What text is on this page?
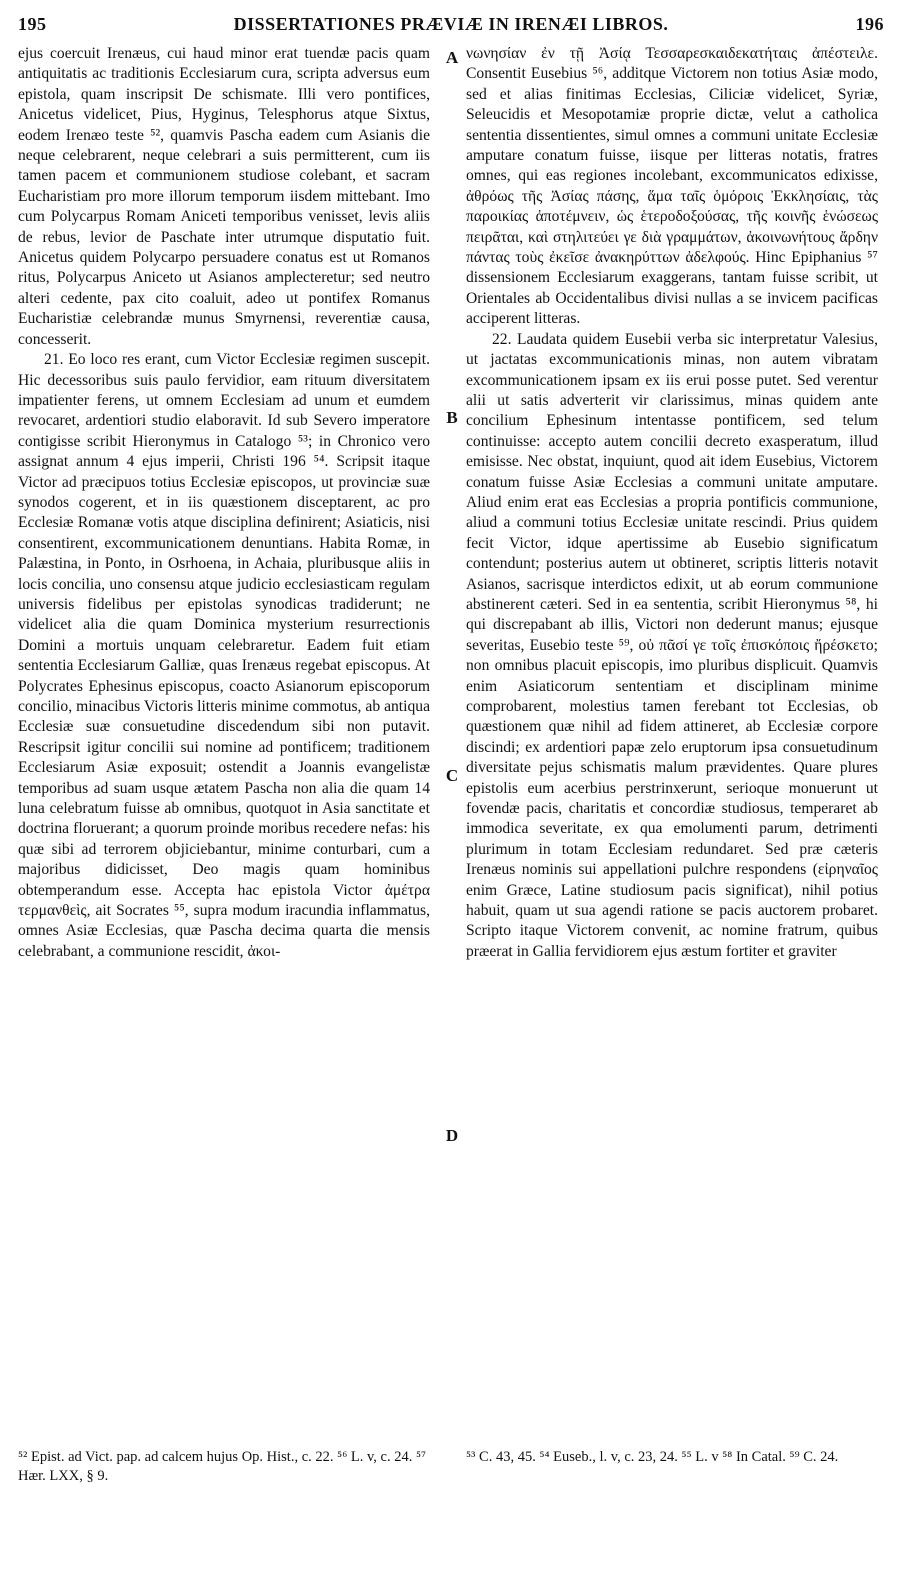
195	DISSERTATIONES PRÆVIÆ IN IRENÆI LIBROS.	196

ejus coercuit Irenæus, cui haud minor erat tuendæ pacis quam antiquitatis ac traditionis Ecclesiarum cura, scripta adversus eum epistola, quam inscripsit De schismate. Illi vero pontifices, Anicetus videlicet, Pius, Hyginus, Telesphorus atque Sixtus, eodem Irenæo teste ⁵², quamvis Pascha eadem cum Asianis die neque celebrarent, neque celebrari a suis permitterent, cum iis tamen pacem et communionem studiose colebant, et sacram Eucharistiam pro more illorum temporum iisdem mittebant. Imo cum Polycarpus Romam Aniceti temporibus venisset, levis aliis de rebus, levior de Paschate inter utrumque disputatio fuit. Anicetus quidem Polycarpo persuadere conatus est ut Romanos ritus, Polycarpus Aniceto ut Asianos amplecteretur; sed neutro alteri cedente, pax cito coaluit, adeo ut pontifex Romanus Eucharistiæ celebrandæ munus Smyrnensi, reverentiæ causa, concesserit.

21. Eo loco res erant, cum Victor Ecclesiæ regimen suscepit. Hic decessoribus suis paulo fervidior, eam rituum diversitatem impatienter ferens, ut omnem Ecclesiam ad unum et eumdem revocaret, ardentiori studio elaboravit. Id sub Severo imperatore contigisse scribit Hieronymus in Catalogo ⁵³; in Chronico vero assignat annum 4 ejus imperii, Christi 196 ⁵⁴. Scripsit itaque Victor ad præcipuos totius Ecclesiæ episcopos, ut provinciæ suæ synodos cogerent, et in iis quæstionem disceptarent, ac pro Ecclesiæ Romanæ votis atque disciplina definirent; Asiaticis, nisi consentirent, excommunicationem denuntians. Habita Romæ, in Palæstina, in Ponto, in Osrhoena, in Achaia, pluribusque aliis in locis concilia, uno consensu atque judicio ecclesiasticam regulam universis fidelibus per epistolas synodicas tradiderunt; ne videlicet alia die quam Dominica mysterium resurrectionis Domini a mortuis unquam celebraretur. Eadem fuit etiam sententia Ecclesiarum Galliæ, quas Irenæus regebat episcopus. At Polycrates Ephesinus episcopus, coacto Asianorum episcoporum concilio, minacibus Victoris litteris minime commotus, ab antiqua Ecclesiæ suæ consuetudine discedendum sibi non putavit. Rescripsit igitur concilii sui nomine ad pontificem; traditionem Ecclesiarum Asiæ exposuit; ostendit a Joannis evangelistæ temporibus ad suam usque ætatem Pascha non alia die quam 14 luna celebratum fuisse ab omnibus, quotquot in Asia sanctitate et doctrina floruerant; a quorum proinde moribus recedere nefas: his quæ sibi ad terrorem objiciebantur, minime conturbari, cum a majoribus didicisset, Deo magis quam hominibus obtemperandum esse. Accepta hac epistola Victor ἀμέτρα τερμανθεὶς, ait Socrates ⁵⁵, supra modum iracundia inflammatus, omnes Asiæ Ecclesias, quæ Pascha decima quarta die mensis celebrabant, a communione rescidit, ἀκοι-

A
B
C
D

νωνησίαν ἐν τῇ Ἀσίᾳ Τεσσαρεσκαιδεκατήταις ἀπέστειλε. Consentit Eusebius ⁵⁶, additque Victorem non totius Asiæ modo, sed et alias finitimas Ecclesias, Ciliciæ videlicet, Syriæ, Seleucidis et Mesopotamiæ proprie dictæ, velut a catholica sententia dissentientes, simul omnes a communi unitate Ecclesiæ amputare conatum fuisse, iisque per litteras notatis, fratres omnes, qui eas regiones incolebant, excommunicatos edixisse, ἀθρόως τῆς Ἀσίας πάσης, ἅμα ταῖς ὁμόροις Ἐκκλησίαις, τὰς παροικίας ἀποτέμνειν, ὡς ἑτεροδοξούσας, τῆς κοινῆς ἑνώσεως πειρᾶται, καὶ στηλιτεύει γε διὰ γραμμάτων, ἀκοινωνήτους ἄρδην πάντας τοὺς ἐκεῖσε ἀνακηρύττων ἀδελφούς. Hinc Epiphanius ⁵⁷ dissensionem Ecclesiarum exaggerans, tantam fuisse scribit, ut Orientales ab Occidentalibus divisi nullas a se invicem pacificas acciperent litteras.

22. Laudata quidem Eusebii verba sic interpretatur Valesius, ut jactatas excommunicationis minas, non autem vibratam excommunicationem ipsam ex iis erui posse putet. Sed verentur alii ut satis adverterit vir clarissimus, minas quidem ante concilium Ephesinum intentasse pontificem, sed telum continuisse: accepto autem concilii decreto exasperatum, illud emisisse. Nec obstat, inquiunt, quod ait idem Eusebius, Victorem conatum fuisse Asiæ Ecclesias a communi unitate amputare. Aliud enim erat eas Ecclesias a propria pontificis communione, aliud a communi totius Ecclesiæ unitate rescindi. Prius quidem fecit Victor, idque apertissime ab Eusebio significatum contendunt; posterius autem ut obtineret, scriptis litteris notavit Asianos, sacrisque interdictos edixit, ut ab eorum communione abstinerent cæteri. Sed in ea sententia, scribit Hieronymus ⁵⁸, hi qui discrepabant ab illis, Victori non dederunt manus; ejusque severitas, Eusebio teste ⁵⁹, οὐ πᾶσί γε τοῖς ἐπισκόποις ἤρέσκετο; non omnibus placuit episcopis, imo pluribus displicuit. Quamvis enim Asiaticorum sententiam et disciplinam minime comprobarent, molestius tamen ferebant tot Ecclesias, ob quæstionem quæ nihil ad fidem attineret, ab Ecclesiæ corpore discindi; ex ardentiori papæ zelo eruptorum ipsa consuetudinum diversitate pejus schismatis malum prævidentes. Quare plures epistolis eum acerbius perstrinxerunt, serioque monuerunt ut fovendæ pacis, charitatis et concordiæ studiosus, temperaret ab immodica severitate, ex qua emolumenti parum, detrimenti plurimum in totam Ecclesiam redundaret. Sed præ cæteris Irenæus nominis sui appellationi pulchre respondens (εἰρηναῖος enim Græce, Latine studiosum pacis significat), nihil potius habuit, quam ut sua agendi ratione se pacis auctorem probaret. Scripto itaque Victorem convenit, ac nomine fratrum, quibus præerat in Gallia fervidiorem ejus æstum fortiter et graviter

⁵² Epist. ad Vict. pap. ad calcem hujus Op. Hist., c. 22. ⁵⁶ L. v, c. 24. ⁵⁷ Hær. LXX, § 9.
⁵³ C. 43, 45. ⁵⁴ Euseb., l. v, c. 23, 24. ⁵⁵ L. v ⁵⁸ In Catal. ⁵⁹ C. 24.
